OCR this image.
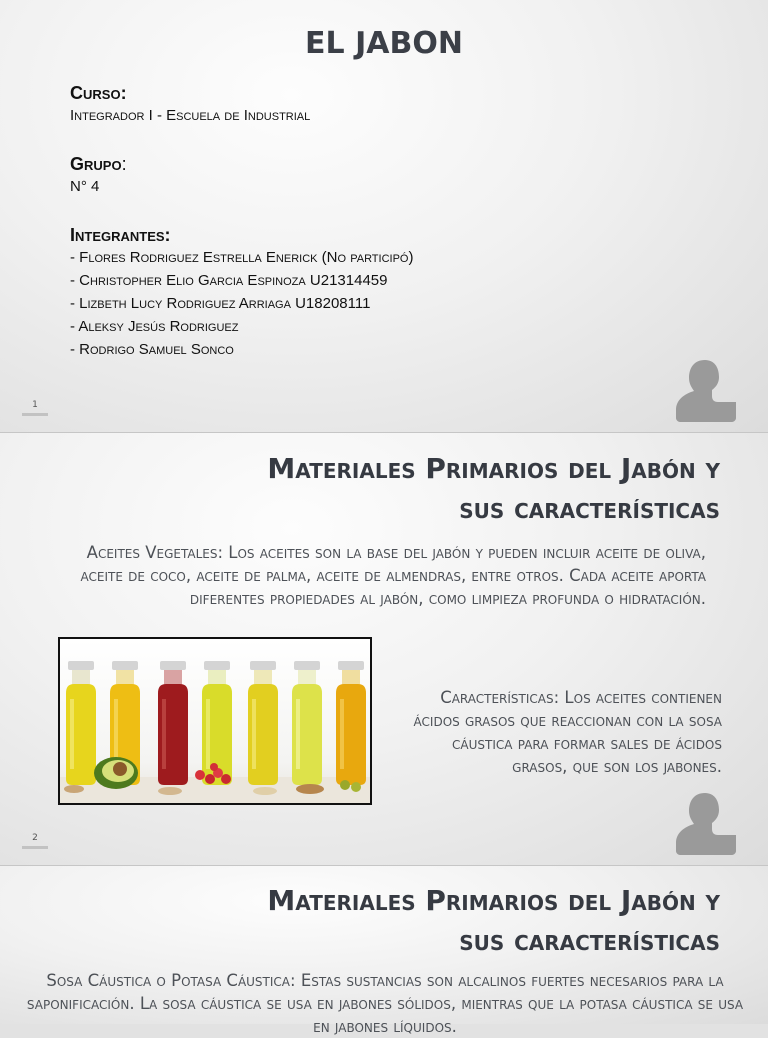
EL JABON
Curso:
Integrador I - Escuela de Industrial
Grupo:
N° 4
Integrantes:
- Flores Rodriguez Estrella Enerick (No participó)
- Christopher Elio Garcia Espinoza U21314459
- Lizbeth Lucy Rodriguez Arriaga U18208111
- Aleksy Jesús Rodriguez
- Rodrigo Samuel Sonco
1
Materiales Primarios del Jabón y
sus características

Aceites Vegetales: Los aceites son la base del jabón y pueden incluir aceite de oliva, aceite de coco, aceite de palma, aceite de almendras, entre otros. Cada aceite aporta diferentes propiedades al jabón, como limpieza profunda o hidratación.

Características: Los aceites contienen ácidos grasos que reaccionan con la sosa cáustica para formar sales de ácidos grasos, que son los jabones.

2
Materiales Primarios del Jabón y
sus características

Sosa Cáustica o Potasa Cáustica: Estas sustancias son alcalinos fuertes necesarios para la saponificación. La sosa cáustica se usa en jabones sólidos, mientras que la potasa cáustica se usa en jabones líquidos.
